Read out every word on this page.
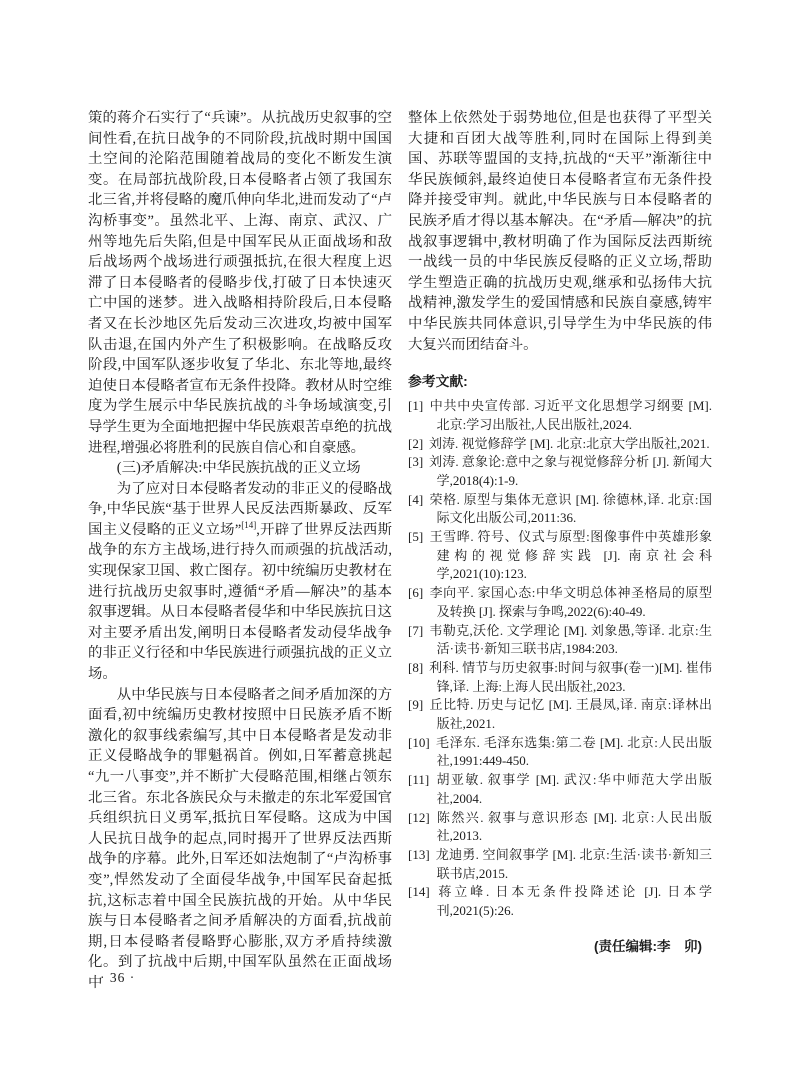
策的蒋介石实行了“兵谏”。从抗战历史叙事的空间性看,在抗日战争的不同阶段,抗战时期中国国土空间的沦陷范围随着战局的变化不断发生演变。在局部抗战阶段,日本侵略者占领了我国东北三省,并将侵略的魔爪伸向华北,进而发动了“卢沟桥事变”。虽然北平、上海、南京、武汉、广州等地先后失陷,但是中国军民从正面战场和敌后战场两个战场进行顽强抵抗,在很大程度上迟滞了日本侵略者的侵略步伐,打破了日本快速灭亡中国的迷梦。进入战略相持阶段后,日本侵略者又在长沙地区先后发动三次进攻,均被中国军队击退,在国内外产生了积极影响。在战略反攻阶段,中国军队逐步收复了华北、东北等地,最终迫使日本侵略者宣布无条件投降。教材从时空维度为学生展示中华民族抗战的斗争场域演变,引导学生更为全面地把握中华民族艰苦卓绝的抗战进程,增强必将胜利的民族自信心和自豪感。

(三)矛盾解决:中华民族抗战的正义立场

为了应对日本侵略者发动的非正义的侵略战争,中华民族“基于世界人民反法西斯暴政、反军国主义侵略的正义立场”[14],开辟了世界反法西斯战争的东方主战场,进行持久而顽强的抗战活动,实现保家卫国、救亡图存。初中统编历史教材在进行抗战历史叙事时,遵循“矛盾—解决”的基本叙事逻辑。从日本侵略者侵华和中华民族抗日这对主要矛盾出发,阐明日本侵略者发动侵华战争的非正义行径和中华民族进行顽强抗战的正义立场。

从中华民族与日本侵略者之间矛盾加深的方面看,初中统编历史教材按照中日民族矛盾不断激化的叙事线索编写,其中日本侵略者是发动非正义侵略战争的罪魁祸首。例如,日军蓄意挑起“九一八事变”,并不断扩大侵略范围,相继占领东北三省。东北各族民众与未撤走的东北军爱国官兵组织抗日义勇军,抵抗日军侵略。这成为中国人民抗日战争的起点,同时揭开了世界反法西斯战争的序幕。此外,日军还如法炮制了“卢沟桥事变”,悍然发动了全面侵华战争,中国军民奋起抵抗,这标志着中国全民族抗战的开始。从中华民族与日本侵略者之间矛盾解决的方面看,抗战前期,日本侵略者侵略野心膨胀,双方矛盾持续激化。到了抗战中后期,中国军队虽然在正面战场中

整体上依然处于弱势地位,但是也获得了平型关大捷和百团大战等胜利,同时在国际上得到美国、苏联等盟国的支持,抗战的“天平”渐渐往中华民族倾斜,最终迫使日本侵略者宣布无条件投降并接受审判。就此,中华民族与日本侵略者的民族矛盾才得以基本解决。在“矛盾—解决”的抗战叙事逻辑中,教材明确了作为国际反法西斯统一战线一员的中华民族反侵略的正义立场,帮助学生塑造正确的抗战历史观,继承和弘扬伟大抗战精神,激发学生的爱国情感和民族自豪感,铸牢中华民族共同体意识,引导学生为中华民族的伟大复兴而团结奋斗。

参考文献:

[1] 中共中央宣传部. 习近平文化思想学习纲要 [M]. 北京:学习出版社,人民出版社,2024.
[2] 刘涛. 视觉修辞学 [M]. 北京:北京大学出版社,2021.
[3] 刘涛. 意象论:意中之象与视觉修辞分析 [J]. 新闻大学,2018(4):1-9.
[4] 荣格. 原型与集体无意识 [M]. 徐德林,译. 北京:国际文化出版公司,2011:36.
[5] 王雪晔. 符号、仪式与原型:图像事件中英雄形象建构的视觉修辞实践 [J]. 南京社会科学,2021(10):123.
[6] 李向平. 家国心态:中华文明总体神圣格局的原型及转换 [J]. 探索与争鸣,2022(6):40-49.
[7] 韦勒克,沃伦. 文学理论 [M]. 刘象愚,等译. 北京:生活·读书·新知三联书店,1984:203.
[8] 利科. 情节与历史叙事:时间与叙事(卷一)[M]. 崔伟锋,译. 上海:上海人民出版社,2023.
[9] 丘比特. 历史与记忆 [M]. 王晨凤,译. 南京:译林出版社,2021.
[10] 毛泽东. 毛泽东选集:第二卷 [M]. 北京:人民出版社,1991:449-450.
[11] 胡亚敏. 叙事学 [M]. 武汉:华中师范大学出版社,2004.
[12] 陈然兴. 叙事与意识形态 [M]. 北京:人民出版社,2013.
[13] 龙迪勇. 空间叙事学 [M]. 北京:生活·读书·新知三联书店,2015.
[14] 蒋立峰. 日本无条件投降述论 [J]. 日本学刊,2021(5):26.

(责任编辑:李　卯)

· 36 ·
